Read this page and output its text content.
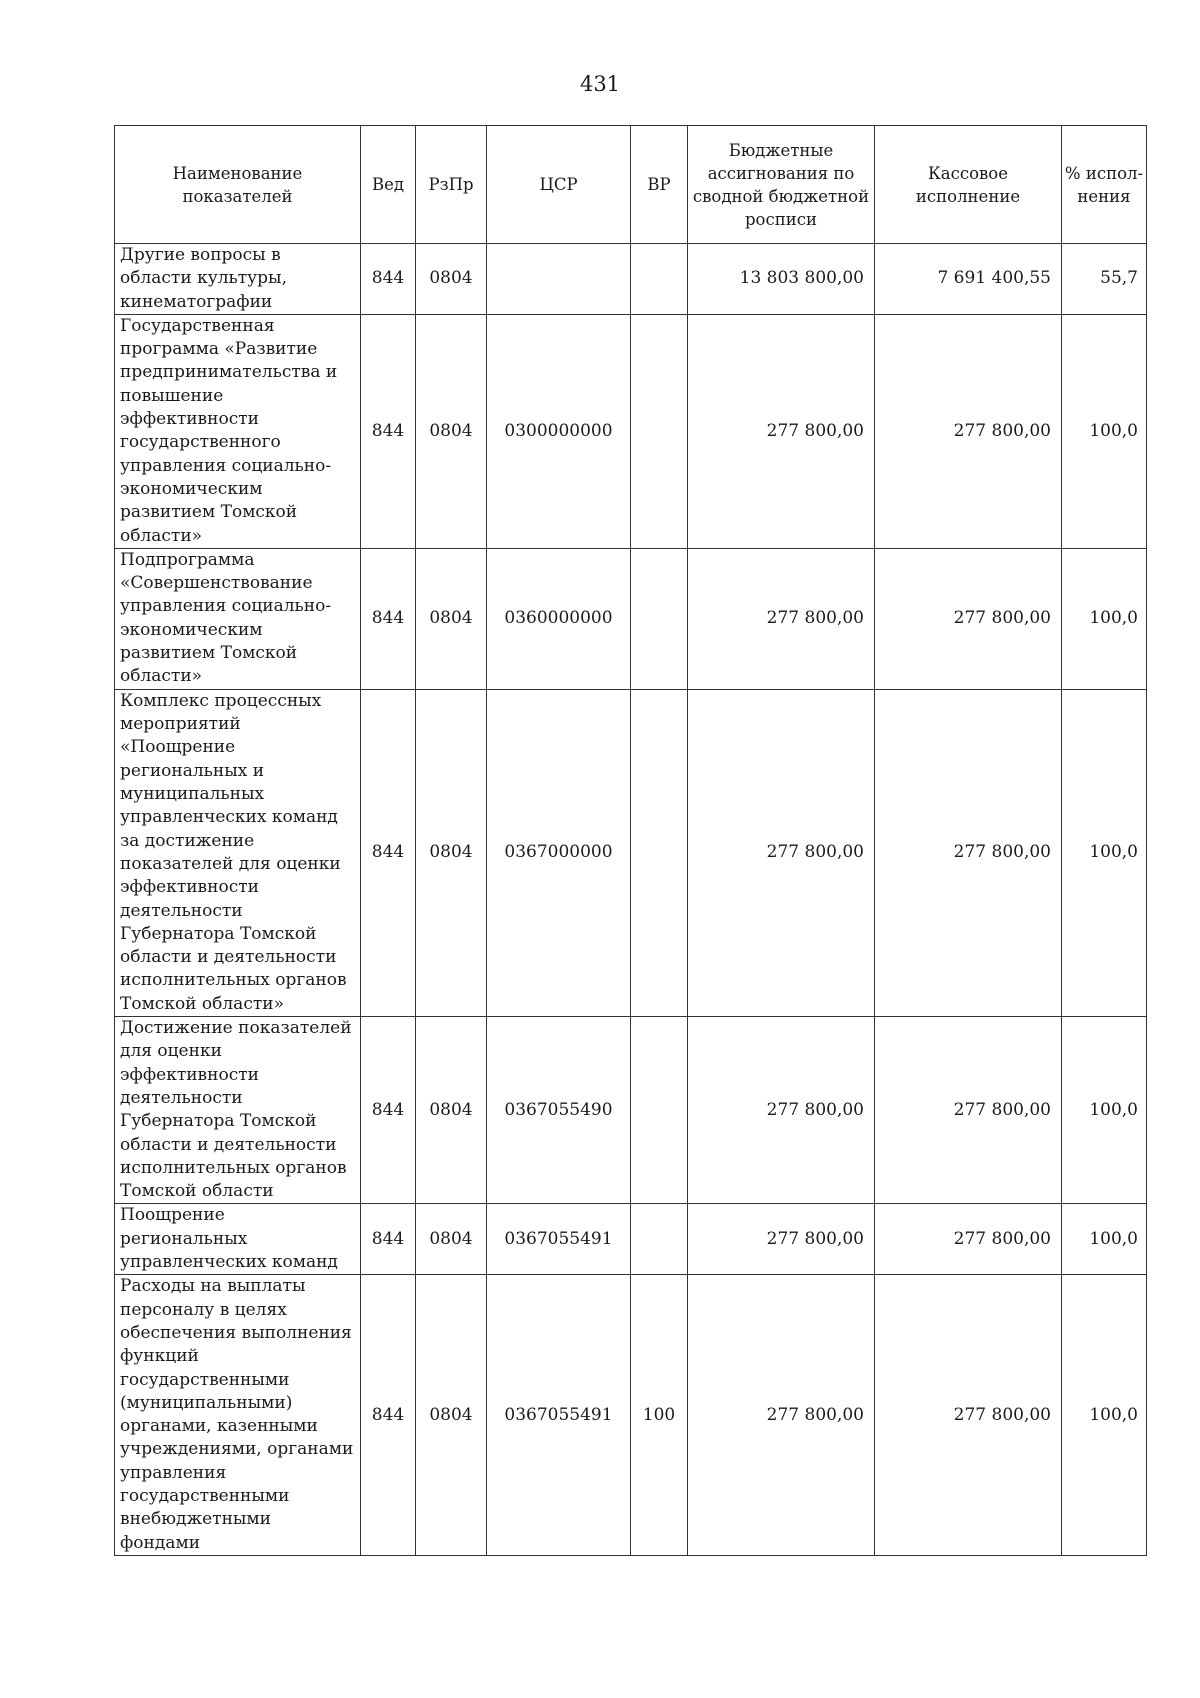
431
Наименование показателей	Вед	РзПр	ЦСР	ВР	Бюджетные ассигнования по сводной бюджетной росписи	Кассовое исполнение	% испол-нения
Другие вопросы в области культуры, кинематографии	844	0804			13 803 800,00	7 691 400,55	55,7
Государственная программа «Развитие предпринимательства и повышение эффективности государственного управления социально-экономическим развитием Томской области»	844	0804	0300000000		277 800,00	277 800,00	100,0
Подпрограмма «Совершенствование управления социально-экономическим развитием Томской области»	844	0804	0360000000		277 800,00	277 800,00	100,0
Комплекс процессных мероприятий «Поощрение региональных и муниципальных управленческих команд за достижение показателей для оценки эффективности деятельности Губернатора Томской области и деятельности исполнительных органов Томской области»	844	0804	0367000000		277 800,00	277 800,00	100,0
Достижение показателей для оценки эффективности деятельности Губернатора Томской области и деятельности исполнительных органов Томской области	844	0804	0367055490		277 800,00	277 800,00	100,0
Поощрение региональных управленческих команд	844	0804	0367055491		277 800,00	277 800,00	100,0
Расходы на выплаты персоналу в целях обеспечения выполнения функций государственными (муниципальными) органами, казенными учреждениями, органами управления государственными внебюджетными фондами	844	0804	0367055491	100	277 800,00	277 800,00	100,0
